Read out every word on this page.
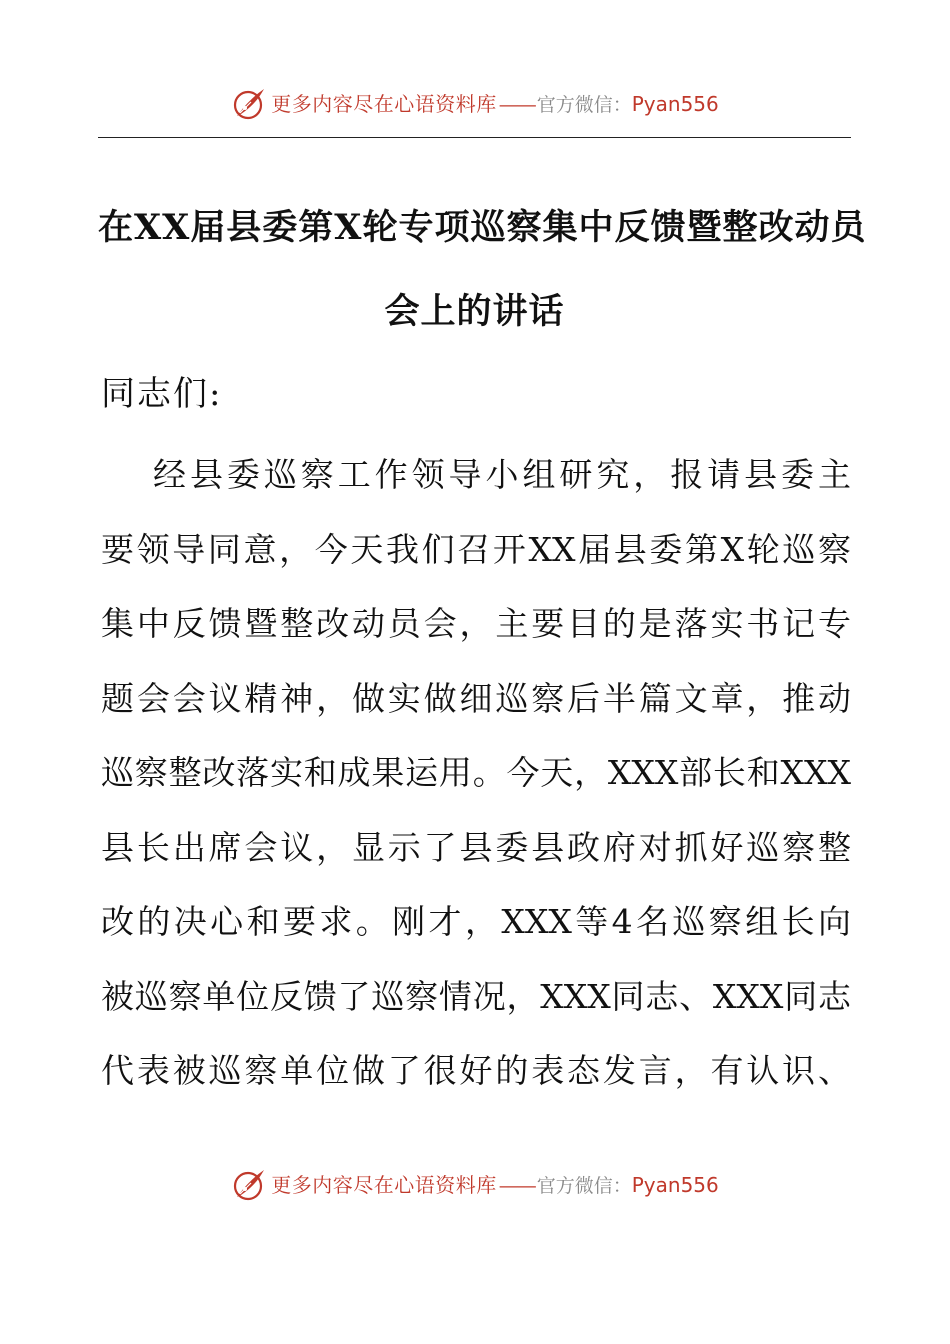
更多内容尽在心语资料库 —— 官方微信：Pyan556
在XX届县委第X轮专项巡察集中反馈暨整改动员
会上的讲话

同志们:

经县委巡察工作领导小组研究，报请县委主
要领导同意，今天我们召开XX届县委第X轮巡察
集中反馈暨整改动员会，主要目的是落实书记专
题会会议精神，做实做细巡察后半篇文章，推动
巡察整改落实和成果运用。今天，XXX部长和XXX
县长出席会议，显示了县委县政府对抓好巡察整
改的决心和要求。刚才，XXX等4名巡察组长向
被巡察单位反馈了巡察情况，XXX同志、XXX同志
代表被巡察单位做了很好的表态发言，有认识、
更多内容尽在心语资料库 —— 官方微信：Pyan556
